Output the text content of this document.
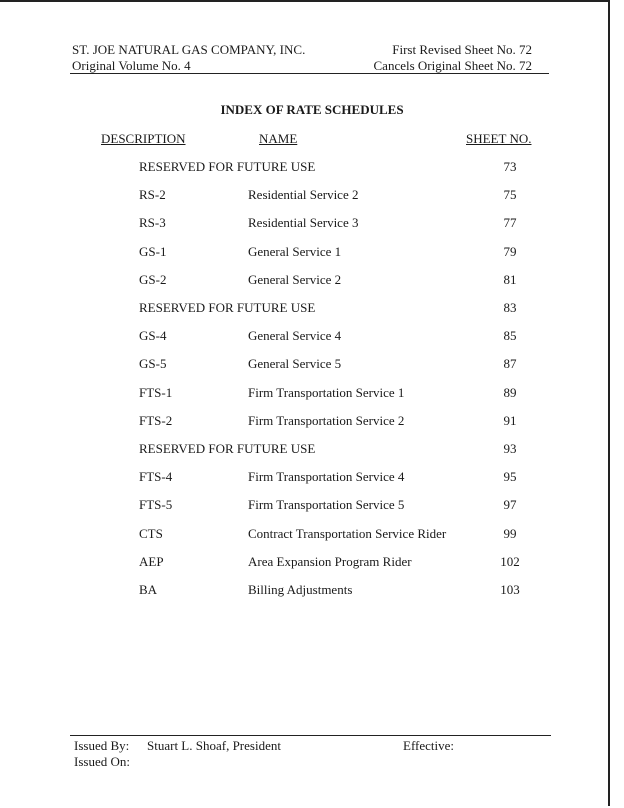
ST. JOE NATURAL GAS COMPANY, INC.
Original Volume No. 4
First Revised Sheet No. 72
Cancels Original Sheet No. 72
INDEX OF RATE SCHEDULES
DESCRIPTION	NAME	SHEET NO.
RESERVED FOR FUTURE USE	73
RS-2	Residential Service 2	75
RS-3	Residential Service 3	77
GS-1	General Service 1	79
GS-2	General Service 2	81
RESERVED FOR FUTURE USE	83
GS-4	General Service 4	85
GS-5	General Service 5	87
FTS-1	Firm Transportation Service 1	89
FTS-2	Firm Transportation Service 2	91
RESERVED FOR FUTURE USE	93
FTS-4	Firm Transportation Service 4	95
FTS-5	Firm Transportation Service 5	97
CTS	Contract Transportation Service Rider	99
AEP	Area Expansion Program Rider	102
BA	Billing Adjustments	103
Issued By: Stuart L. Shoaf, President	Effective:
Issued On:
